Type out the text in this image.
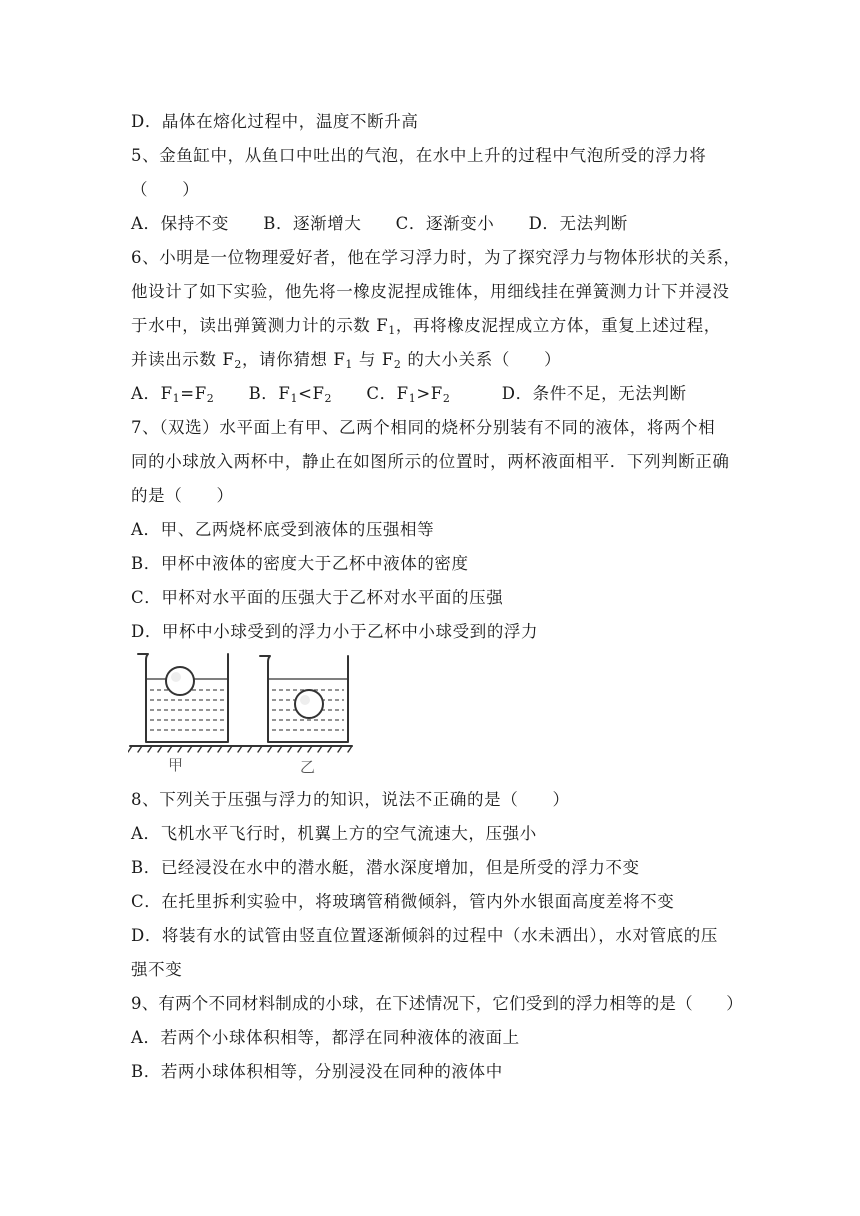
D．晶体在熔化过程中，温度不断升高
5、金鱼缸中，从鱼口中吐出的气泡，在水中上升的过程中气泡所受的浮力将
（　　）
A．保持不变　　B．逐渐增大　　C．逐渐变小　　D．无法判断
6、小明是一位物理爱好者，他在学习浮力时，为了探究浮力与物体形状的关系，
他设计了如下实验，他先将一橡皮泥捏成锥体，用细线挂在弹簧测力计下并浸没
于水中，读出弹簧测力计的示数 $F_1$，再将橡皮泥捏成立方体，重复上述过程，
并读出示数 $F_2$，请你猜想 $F_1$ 与 $F_2$ 的大小关系（　　）
A．$F_1=F_2$　　B．$F_1<F_2$　　C．$F_1>F_2$　　　D．条件不足，无法判断
7、（双选）水平面上有甲、乙两个相同的烧杯分别装有不同的液体，将两个相
同的小球放入两杯中，静止在如图所示的位置时，两杯液面相平．下列判断正确
的是（　　）
A．甲、乙两烧杯底受到液体的压强相等
B．甲杯中液体的密度大于乙杯中液体的密度
C．甲杯对水平面的压强大于乙杯对水平面的压强
D．甲杯中小球受到的浮力小于乙杯中小球受到的浮力
甲	乙
8、下列关于压强与浮力的知识，说法不正确的是（　　）
A．飞机水平飞行时，机翼上方的空气流速大，压强小
B．已经浸没在水中的潜水艇，潜水深度增加，但是所受的浮力不变
C．在托里拆利实验中，将玻璃管稍微倾斜，管内外水银面高度差将不变
D．将装有水的试管由竖直位置逐渐倾斜的过程中（水未洒出），水对管底的压
强不变
9、有两个不同材料制成的小球，在下述情况下，它们受到的浮力相等的是（　　）
A．若两个小球体积相等，都浮在同种液体的液面上
B．若两小球体积相等，分别浸没在同种的液体中
